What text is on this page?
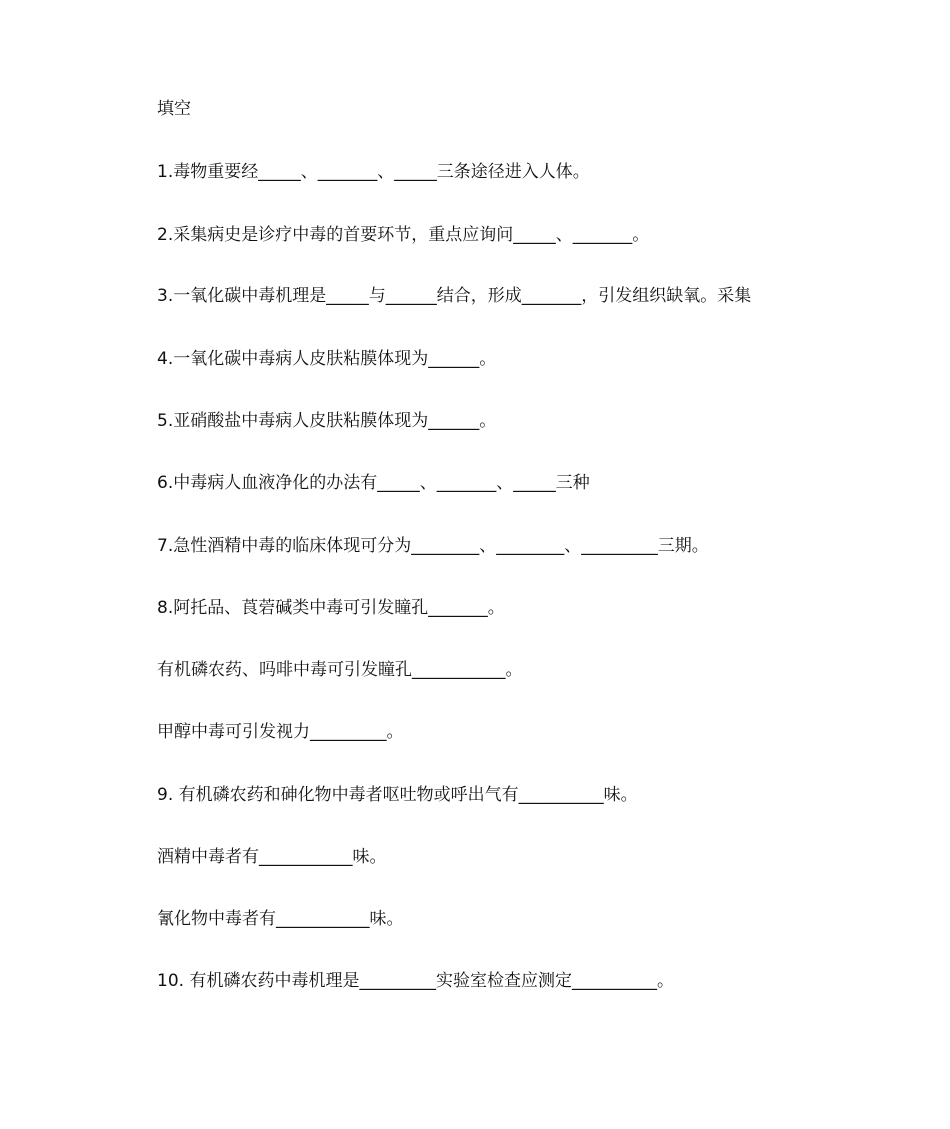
填空
1.毒物重要经_____、_______、_____三条途径进入人体。
2.采集病史是诊疗中毒的首要环节，重点应询问_____、_______。
3.一氧化碳中毒机理是_____与______结合，形成_______，引发组织缺氧。采集
4.一氧化碳中毒病人皮肤粘膜体现为______。
5.亚硝酸盐中毒病人皮肤粘膜体现为______。
6.中毒病人血液净化的办法有_____、_______、_____三种
7.急性酒精中毒的临床体现可分为________、________、_________三期。
8.阿托品、莨菪碱类中毒可引发瞳孔_______。
有机磷农药、吗啡中毒可引发瞳孔___________。
甲醇中毒可引发视力_________。
9. 有机磷农药和砷化物中毒者呕吐物或呼出气有__________味。
酒精中毒者有___________味。
氰化物中毒者有___________味。
10. 有机磷农药中毒机理是_________实验室检查应测定__________。
